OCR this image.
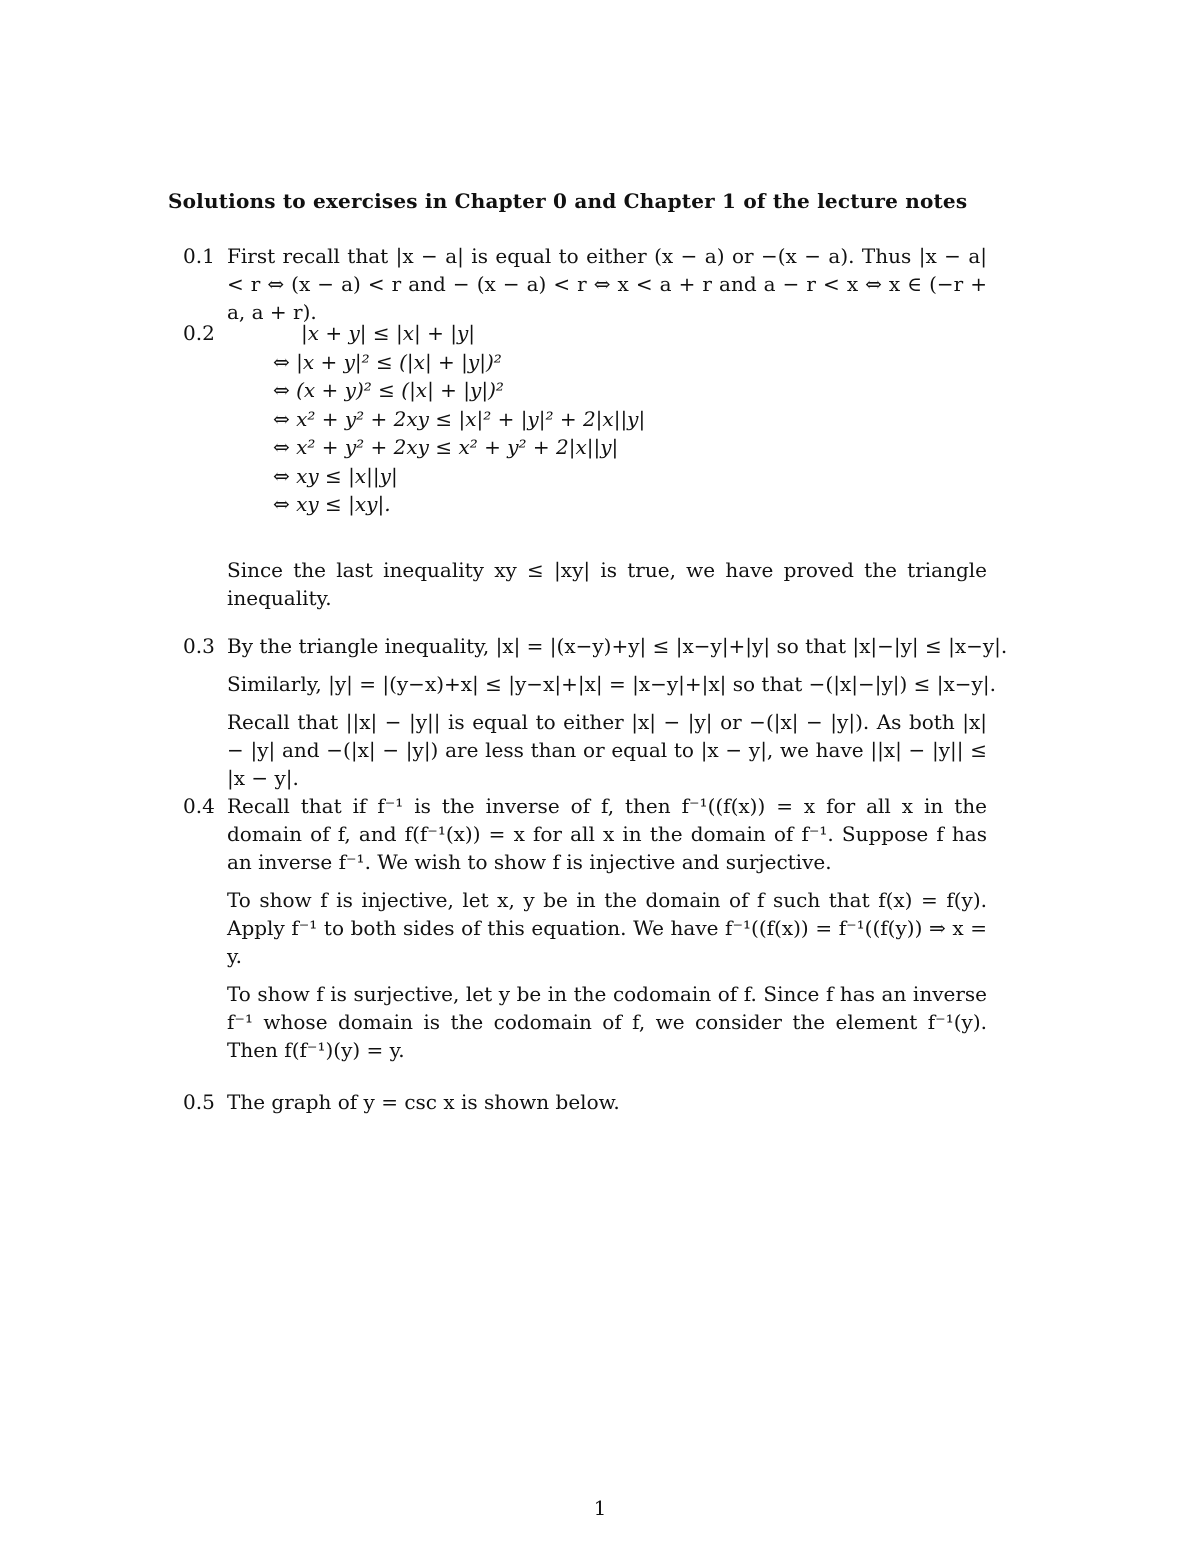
Solutions to exercises in Chapter 0 and Chapter 1 of the lecture notes
0.1 First recall that |x − a| is equal to either (x − a) or −(x − a). Thus |x − a| < r ⇔ (x − a) < r and − (x − a) < r ⇔ x < a + r and a − r < x ⇔ x ∈ (−r + a, a + r).

0.2	|x + y| ≤ |x| + |y|
⇔ |x + y|² ≤ (|x| + |y|)²
⇔ (x + y)² ≤ (|x| + |y|)²
⇔ x² + y² + 2xy ≤ |x|² + |y|² + 2|x||y|
⇔ x² + y² + 2xy ≤ x² + y² + 2|x||y|
⇔ xy ≤ |x||y|
⇔ xy ≤ |xy|.

Since the last inequality xy ≤ |xy| is true, we have proved the triangle inequality.

0.3 By the triangle inequality, |x| = |(x−y)+y| ≤ |x−y|+|y| so that |x|−|y| ≤ |x−y|.

Similarly, |y| = |(y−x)+x| ≤ |y−x|+|x| = |x−y|+|x| so that −(|x|−|y|) ≤ |x−y|.

Recall that ||x| − |y|| is equal to either |x| − |y| or −(|x| − |y|). As both |x| − |y| and −(|x| − |y|) are less than or equal to |x − y|, we have ||x| − |y|| ≤ |x − y|.

0.4 Recall that if f⁻¹ is the inverse of f, then f⁻¹((f(x)) = x for all x in the domain of f, and f(f⁻¹(x)) = x for all x in the domain of f⁻¹. Suppose f has an inverse f⁻¹. We wish to show f is injective and surjective.

To show f is injective, let x, y be in the domain of f such that f(x) = f(y). Apply f⁻¹ to both sides of this equation. We have f⁻¹((f(x)) = f⁻¹((f(y)) ⇒ x = y.

To show f is surjective, let y be in the codomain of f. Since f has an inverse f⁻¹ whose domain is the codomain of f, we consider the element f⁻¹(y). Then f(f⁻¹)(y) = y.

0.5 The graph of y = csc x is shown below.

1
